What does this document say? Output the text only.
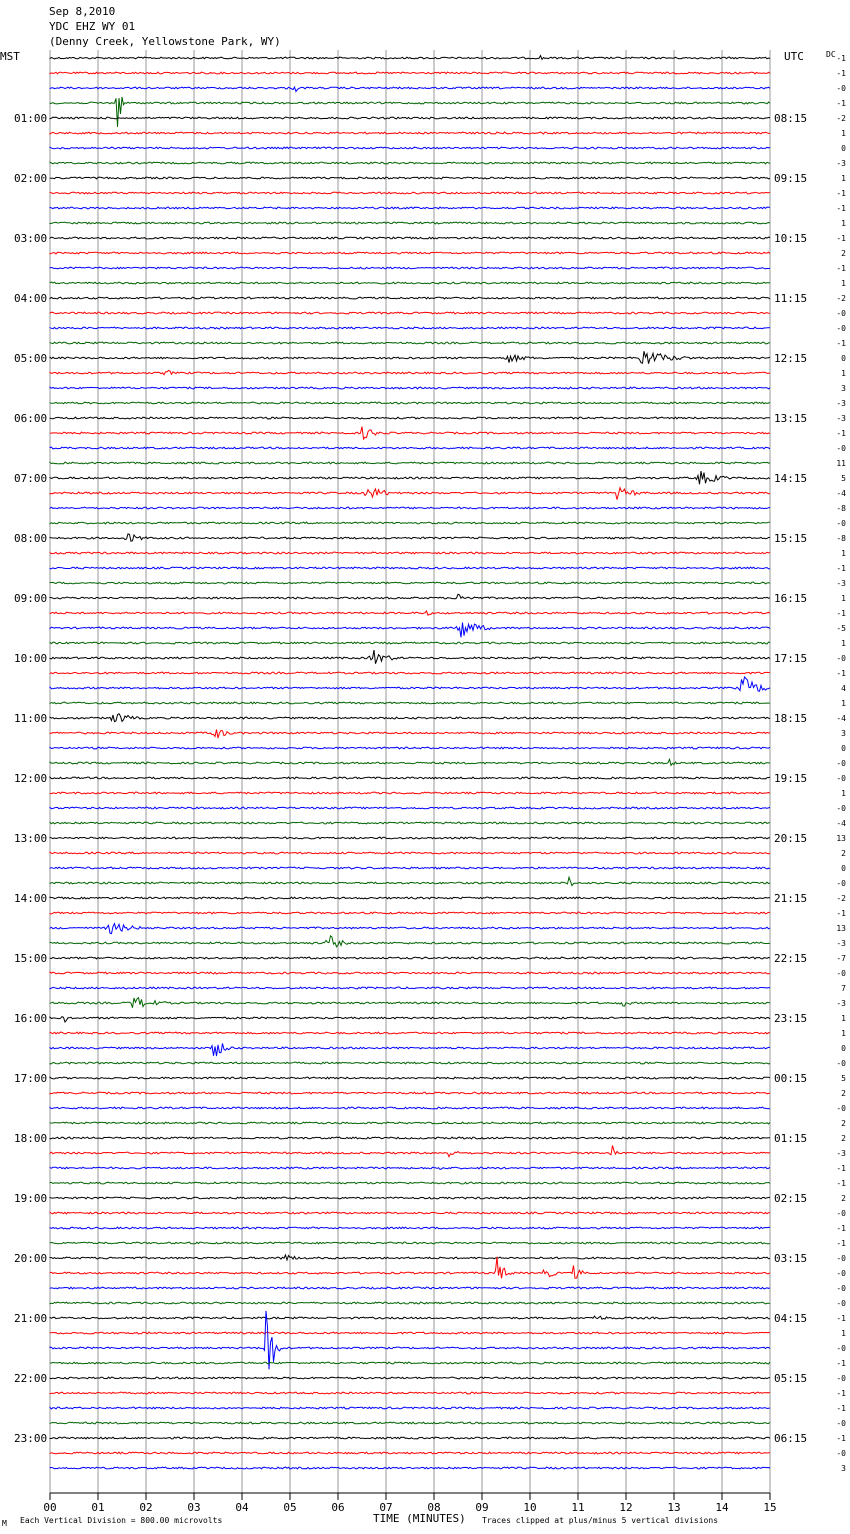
Sep 8,2010
YDC EHZ WY 01
(Denny Creek, Yellowstone Park, WY)
MST	UTC	DC
TIME (MINUTES)
Each Vertical Division = 800.00 microvolts	Traces clipped at plus/minus 5 vertical divisions
M
00	01	02	03	04	05	06	07	08	09	10	11	12	13	14	15
-1
-1
-0
-1
-2
1
0
-3
1
-1
-1
1
-1
2
-1
1
-2
-0
-0
-1
0
1
3
-3
-3
-1
-0
11
5
-4
-8
-0
-8
1
-1
-3
1
-1
-5
1
-0
-1
4
1
-4
3
0
-0
-0
1
-0
-4
13
2
0
-0
-2
-1
13
-3
-7
-0
7
-3
1
1
0
-0
5
2
-0
2
2
-3
-1
-1
2
-0
-1
-1
-0
-0
-0
-0
-1
1
-0
-1
-0
-1
-1
-0
-1
-0
3
01:00	08:15
02:00	09:15
03:00	10:15
04:00	11:15
05:00	12:15
06:00	13:15
07:00	14:15
08:00	15:15
09:00	16:15
10:00	17:15
11:00	18:15
12:00	19:15
13:00	20:15
14:00	21:15
15:00	22:15
16:00	23:15
17:00	00:15
18:00	01:15
19:00	02:15
20:00	03:15
21:00	04:15
22:00	05:15
23:00	06:15
